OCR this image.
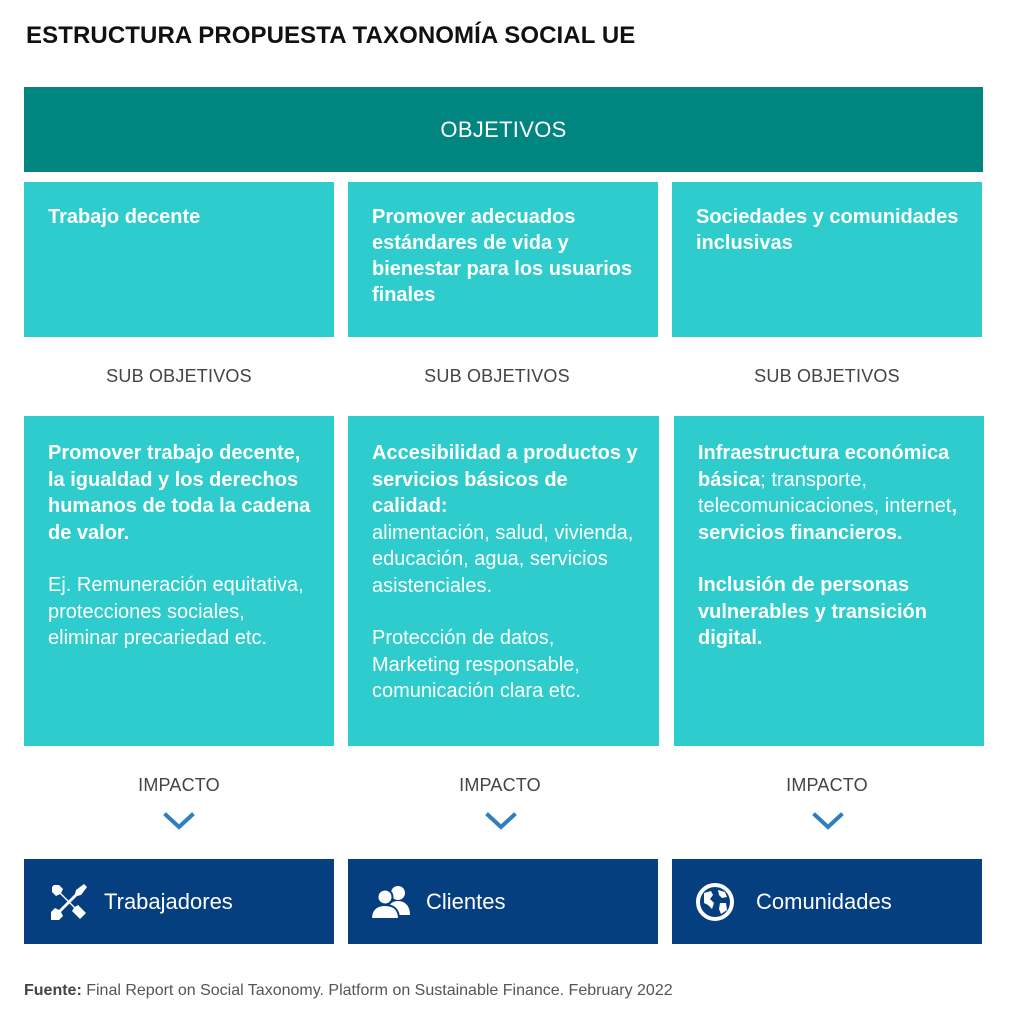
ESTRUCTURA PROPUESTA TAXONOMÍA SOCIAL UE
OBJETIVOS
Trabajo decente	Promover adecuados estándares de vida y bienestar para los usuarios finales
Sociedades y comunidades inclusivas
SUB OBJETIVOS	SUB OBJETIVOS	SUB OBJETIVOS
Promover trabajo decente, la igualdad y los derechos humanos de toda la cadena de valor.
Ej. Remuneración equitativa, protecciones sociales, eliminar precariedad etc.
Accesibilidad a productos y servicios básicos de calidad:
alimentación, salud, vivienda, educación, agua, servicios asistenciales.
Protección de datos, Marketing responsable, comunicación clara etc.
Infraestructura económica básica; transporte, telecomunicaciones, internet, servicios financieros.
Inclusión de personas vulnerables y transición digital.
IMPACTO	IMPACTO	IMPACTO
Trabajadores	Clientes	Comunidades
Fuente: Final Report on Social Taxonomy. Platform on Sustainable Finance. February 2022
